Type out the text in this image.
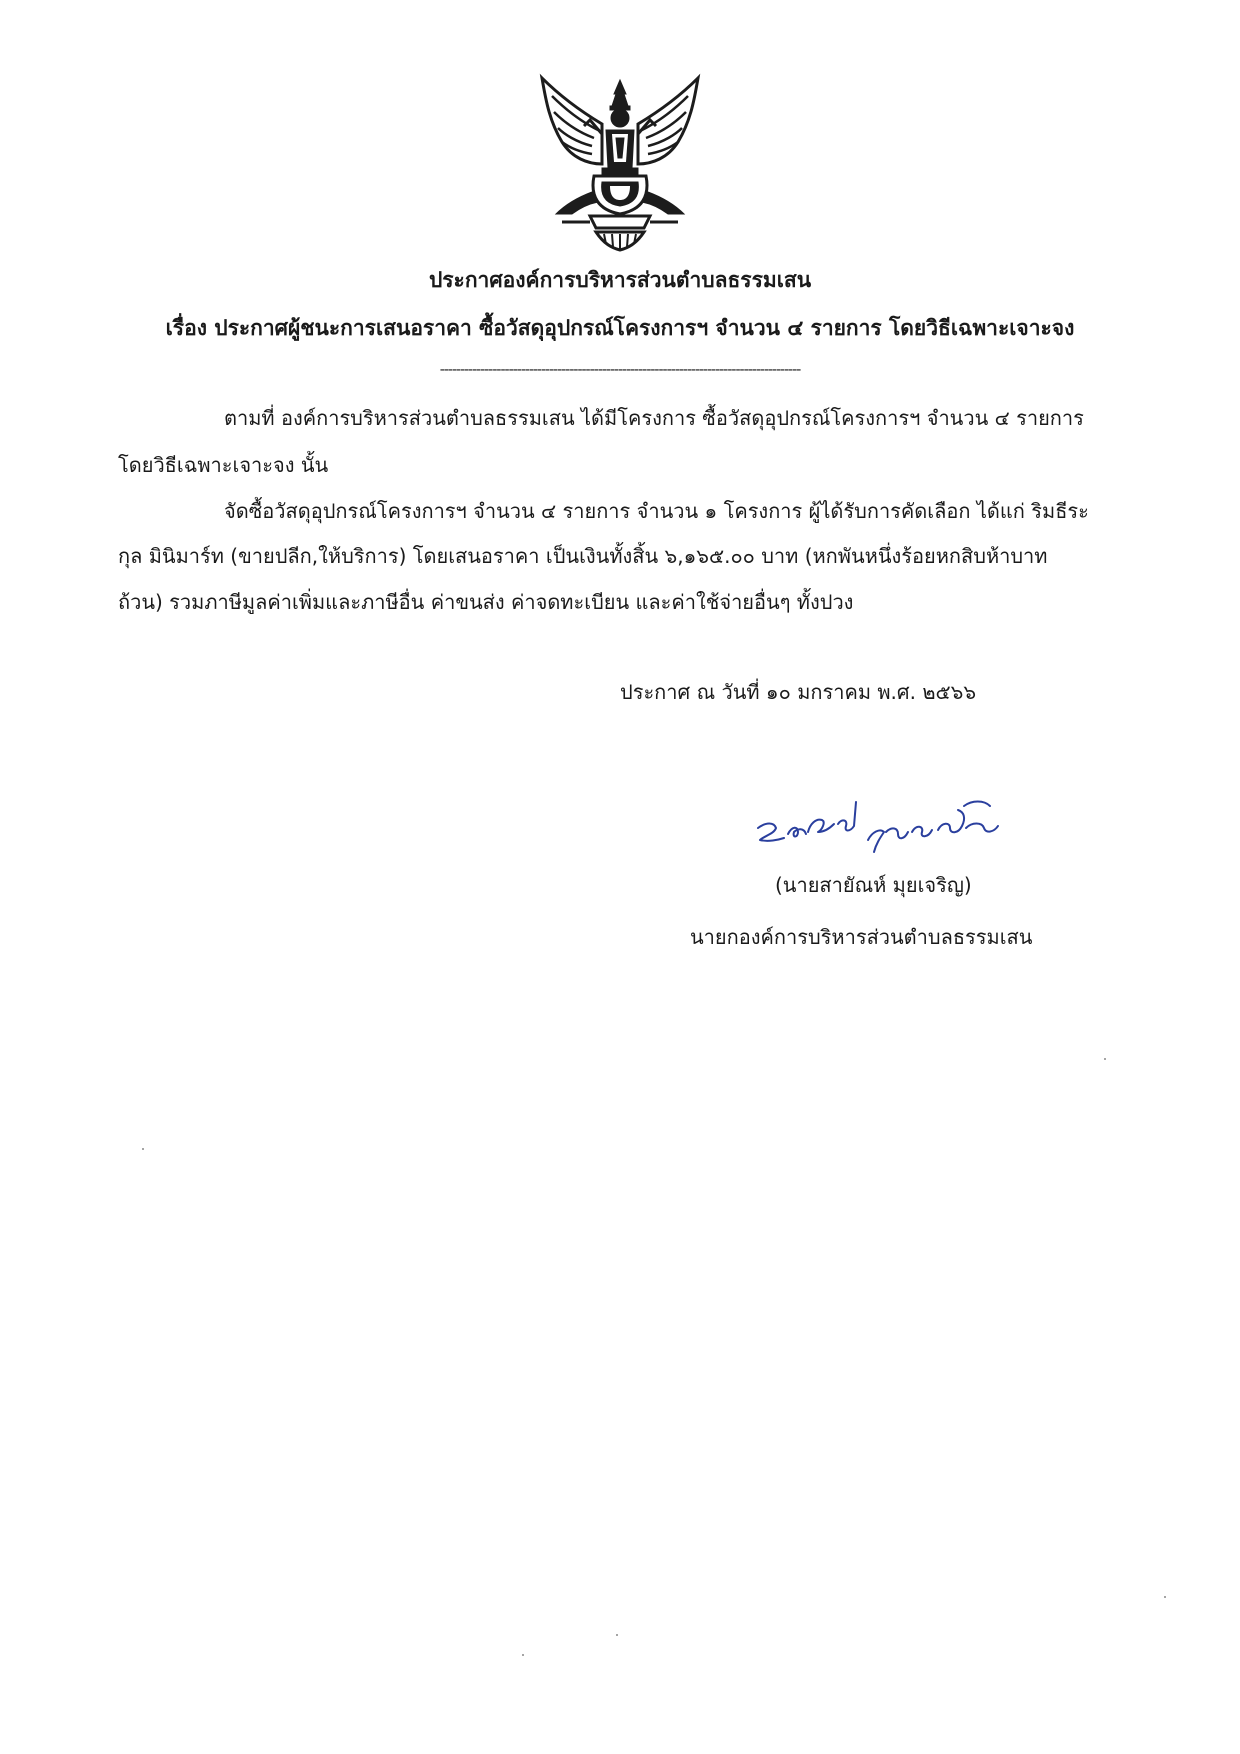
ประกาศองค์การบริหารส่วนตำบลธรรมเสน
เรื่อง ประกาศผู้ชนะการเสนอราคา ซื้อวัสดุอุปกรณ์โครงการฯ จำนวน ๔ รายการ โดยวิธีเฉพาะเจาะจง
-----------------------------------------------------------------------------------------
ตามที่ องค์การบริหารส่วนตำบลธรรมเสน ได้มีโครงการ ซื้อวัสดุอุปกรณ์โครงการฯ จำนวน ๔ รายการ
โดยวิธีเฉพาะเจาะจง นั้น
จัดซื้อวัสดุอุปกรณ์โครงการฯ จำนวน ๔ รายการ จำนวน ๑ โครงการ ผู้ได้รับการคัดเลือก ได้แก่ ริมธีระ
กุล มินิมาร์ท (ขายปลีก,ให้บริการ) โดยเสนอราคา เป็นเงินทั้งสิ้น ๖,๑๖๕.๐๐ บาท (หกพันหนึ่งร้อยหกสิบห้าบาท
ถ้วน) รวมภาษีมูลค่าเพิ่มและภาษีอื่น ค่าขนส่ง ค่าจดทะเบียน และค่าใช้จ่ายอื่นๆ ทั้งปวง
ประกาศ ณ วันที่ ๑๐ มกราคม พ.ศ. ๒๕๖๖
(นายสายัณห์ มุยเจริญ)
นายกองค์การบริหารส่วนตำบลธรรมเสน
